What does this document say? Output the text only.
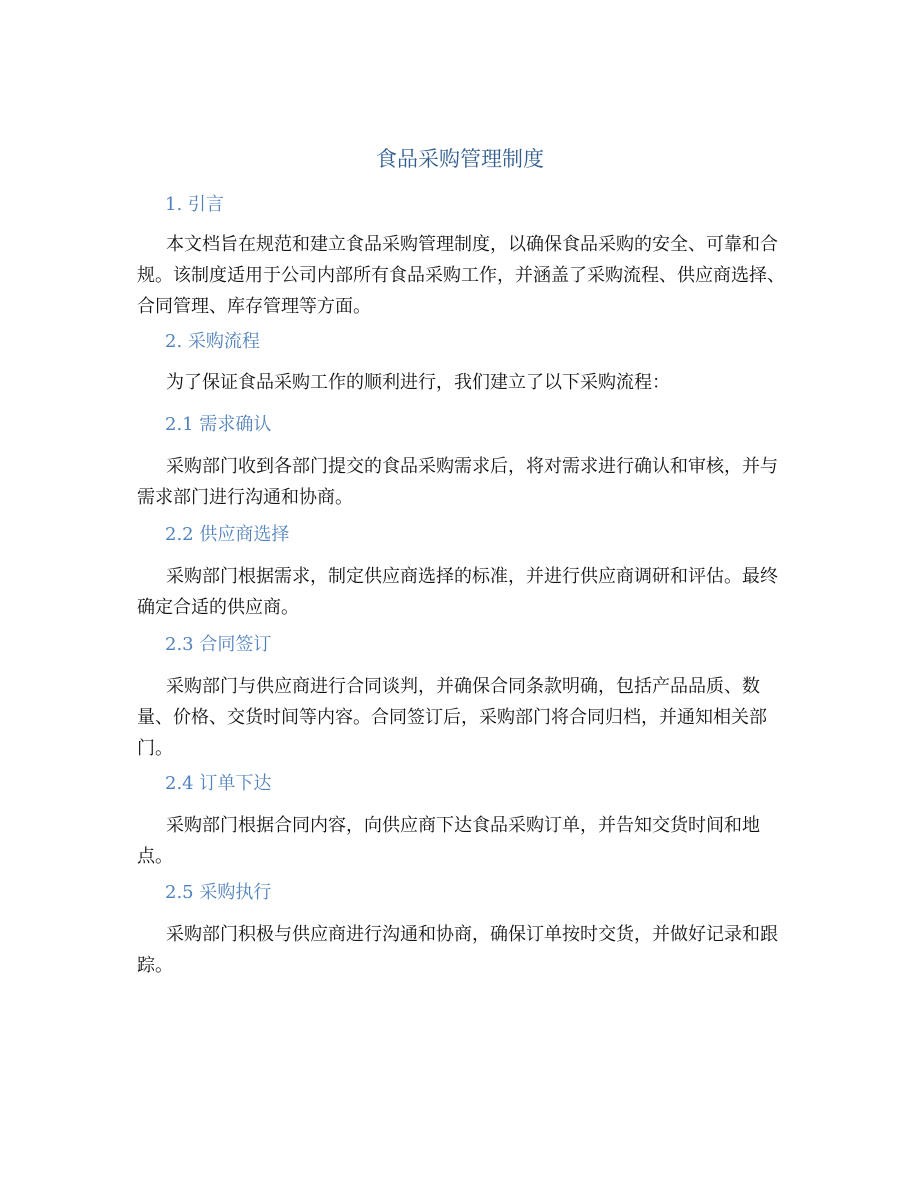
食品采购管理制度
1. 引言

本文档旨在规范和建立食品采购管理制度，以确保食品采购的安全、可靠和合规。该制度适用于公司内部所有食品采购工作，并涵盖了采购流程、供应商选择、合同管理、库存管理等方面。

2. 采购流程

为了保证食品采购工作的顺利进行，我们建立了以下采购流程：

2.1 需求确认

采购部门收到各部门提交的食品采购需求后，将对需求进行确认和审核，并与需求部门进行沟通和协商。

2.2 供应商选择

采购部门根据需求，制定供应商选择的标准，并进行供应商调研和评估。最终确定合适的供应商。

2.3 合同签订

采购部门与供应商进行合同谈判，并确保合同条款明确，包括产品品质、数量、价格、交货时间等内容。合同签订后，采购部门将合同归档，并通知相关部门。

2.4 订单下达

采购部门根据合同内容，向供应商下达食品采购订单，并告知交货时间和地点。

2.5 采购执行

采购部门积极与供应商进行沟通和协商，确保订单按时交货，并做好记录和跟踪。
